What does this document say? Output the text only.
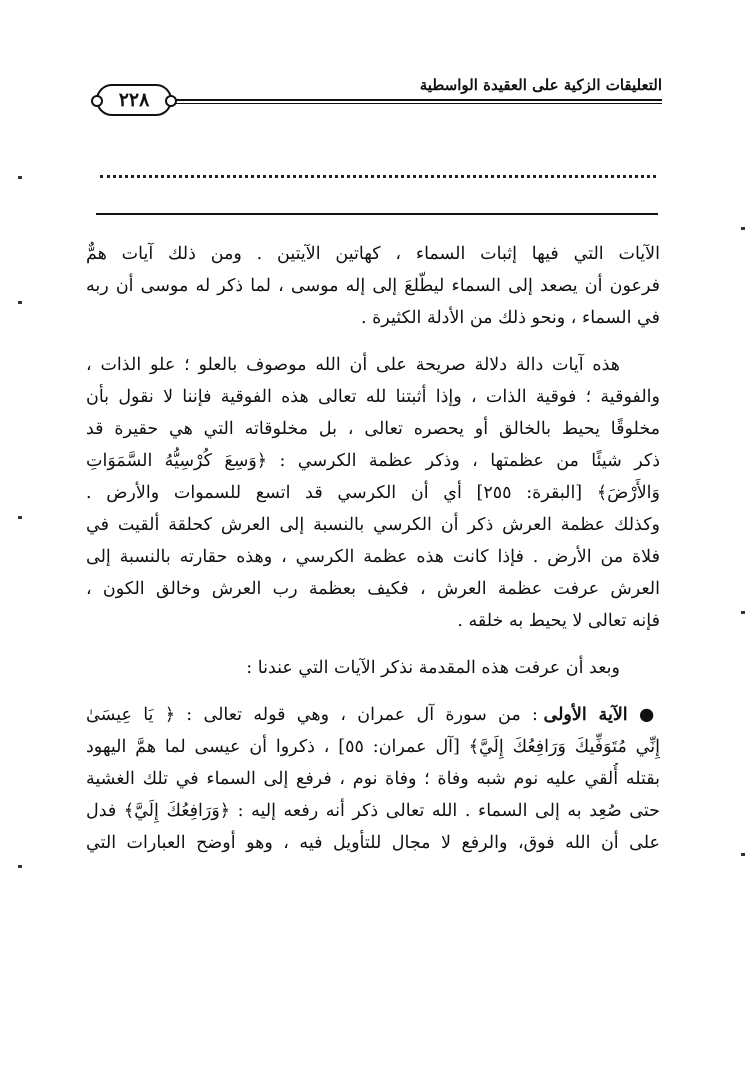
التعليقات الزكية على العقيدة الواسطية
٢٢٨
الآيات التي فيها إثبات السماء ، كهاتين الآيتين . ومن ذلك آيات همٌّ
فرعون أن يصعد إلى السماء ليطّلعَ إلى إله موسى ، لما ذكر له موسى أن ربه
في السماء ، ونحو ذلك من الأدلة الكثيرة .
هذه آيات دالة دلالة صريحة على أن الله موصوف بالعلو ؛ علو الذات ،
والفوقية ؛ فوقية الذات ، وإذا أثبتنا لله تعالى هذه الفوقية فإننا لا نقول بأن
مخلوقًا يحيط بالخالق أو يحصره تعالى ، بل مخلوقاته التي هي حقيرة قد
ذكر شيئًا من عظمتها ، وذكر عظمة الكرسي : ﴿وَسِعَ كُرْسِيُّهُ السَّمَوَاتِ
وَالأَرْضَ﴾ [البقرة: ٢٥٥] أي أن الكرسي قد اتسع للسموات والأرض .
وكذلك عظمة العرش ذكر أن الكرسي بالنسبة إلى العرش كحلقة ألقيت في
فلاة من الأرض . فإذا كانت هذه عظمة الكرسي ، وهذه حقارته بالنسبة إلى
العرش عرفت عظمة العرش ، فكيف بعظمة رب العرش وخالق الكون ،
فإنه تعالى لا يحيط به خلقه .
وبعد أن عرفت هذه المقدمة نذكر الآيات التي عندنا :
● الآية الأولى : من سورة آل عمران ، وهي قوله تعالى : ﴿ يَا عِيسَىٰ
إِنِّي مُتَوَفِّيكَ وَرَافِعُكَ إِلَيَّ﴾ [آل عمران: ٥٥] ، ذكروا أن عيسى لما همَّ اليهود
بقتله أُلقي عليه نوم شبه وفاة ؛ وفاة نوم ، فرفع إلى السماء في تلك الغشية
حتى صُعِد به إلى السماء . الله تعالى ذكر أنه رفعه إليه : ﴿وَرَافِعُكَ إِلَيَّ﴾ فدل
على أن الله فوق، والرفع لا مجال للتأويل فيه ، وهو أوضح العبارات التي
